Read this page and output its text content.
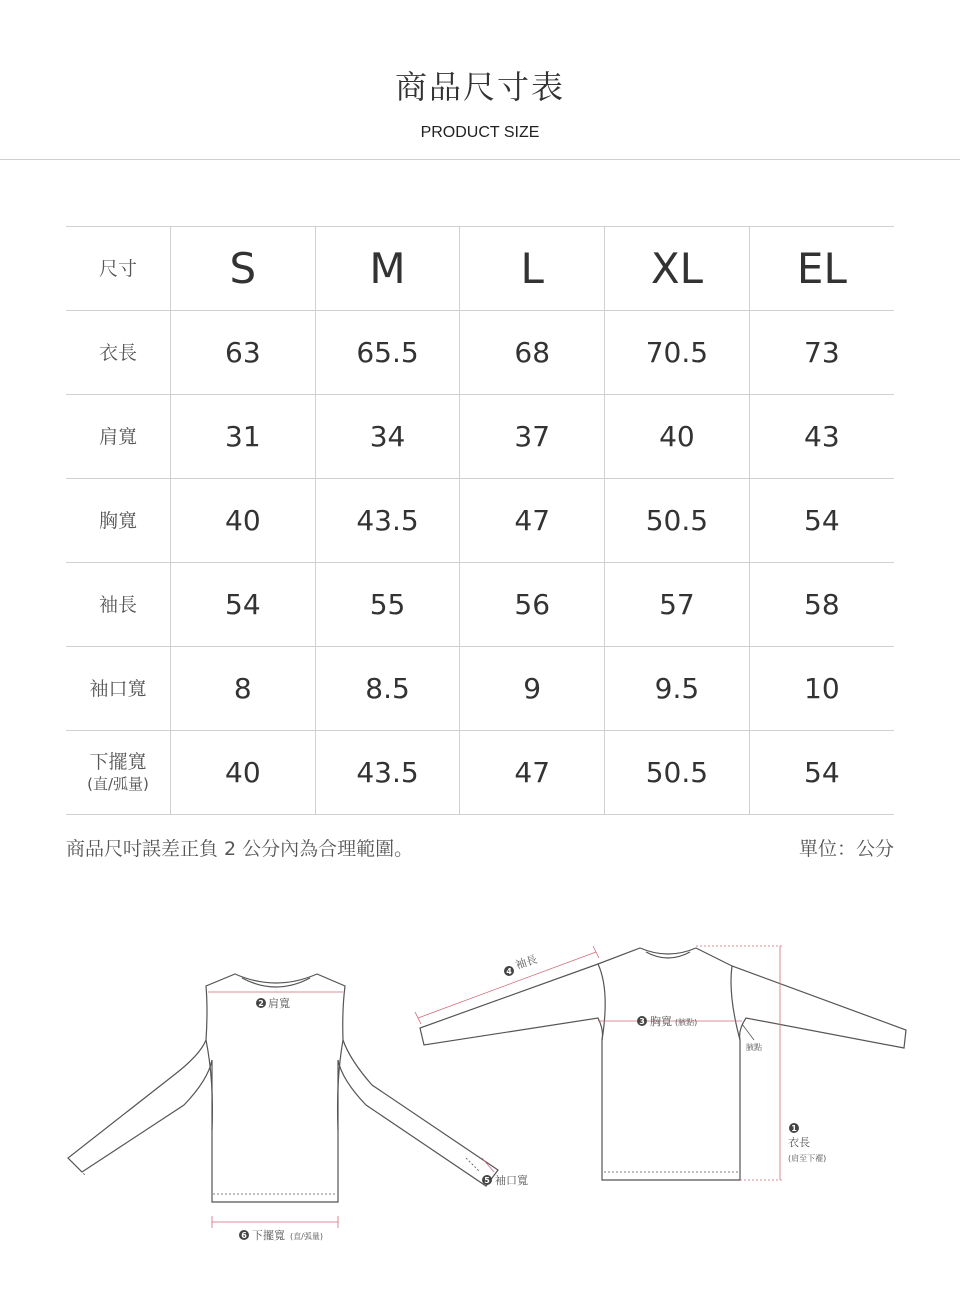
商品尺寸表
PRODUCT SIZE
尺寸	S	M	L	XL	EL
衣長	63	65.5	68	70.5	73
肩寬	31	34	37	40	43
胸寬	40	43.5	47	50.5	54
袖長	54	55	56	57	58
袖口寬	8	8.5	9	9.5	10
下擺寬
(直/弧量)	40	43.5	47	50.5	54
商品尺吋誤差正負 2 公分內為合理範圍。	單位：公分
2 肩寬
6 下擺寬 (直/弧量)
5 袖口寬
4 袖長
3 胸寬 (腋點)
腋點
1
衣長
(肩至下襬)
